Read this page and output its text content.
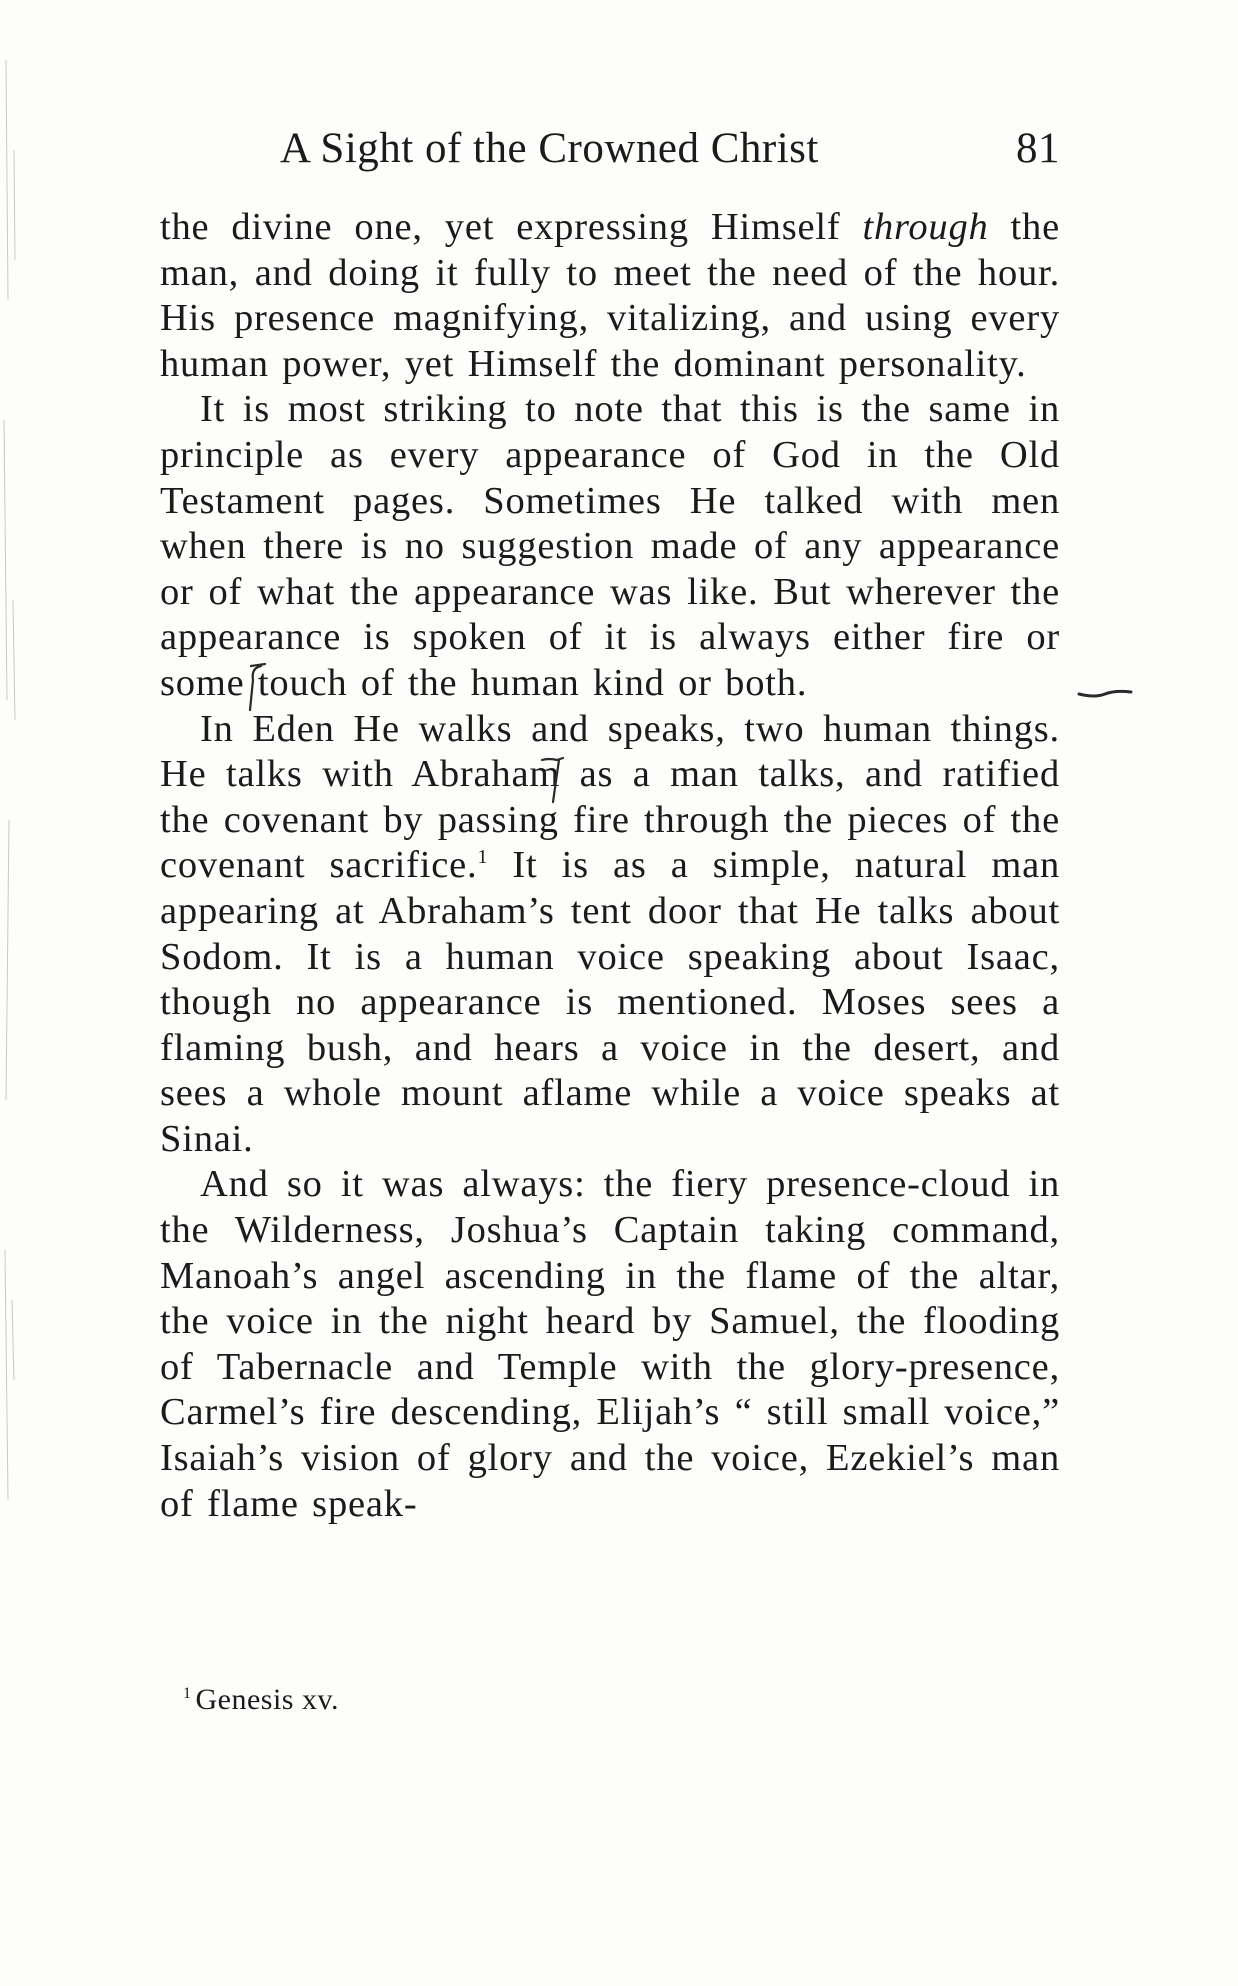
A Sight of the Crowned Christ	81

the divine one, yet expressing Himself through the man, and doing it fully to meet the need of the hour. His presence magnifying, vitalizing, and using every human power, yet Himself the dominant personality.

It is most striking to note that this is the same in principle as every appearance of God in the Old Testament pages. Sometimes He talked with men when there is no suggestion made of any appearance or of what the appearance was like. But wherever the appearance is spoken of it is always either fire or some touch of the human kind or both.

In Eden He walks and speaks, two human things. He talks with Abraham as a man talks, and ratified the covenant by passing fire through the pieces of the covenant sacrifice.$^1$ It is as a simple, natural man appearing at Abraham’s tent door that He talks about Sodom. It is a human voice speaking about Isaac, though no appearance is mentioned. Moses sees a flaming bush, and hears a voice in the desert, and sees a whole mount aflame while a voice speaks at Sinai.

And so it was always: the fiery presence-cloud in the Wilderness, Joshua’s Captain taking command, Manoah’s angel ascending in the flame of the altar, the voice in the night heard by Samuel, the flooding of Tabernacle and Temple with the glory-presence, Carmel’s fire descending, Elijah’s “ still small voice,” Isaiah’s vision of glory and the voice, Ezekiel’s man of flame speak-

$^1$ Genesis xv.
